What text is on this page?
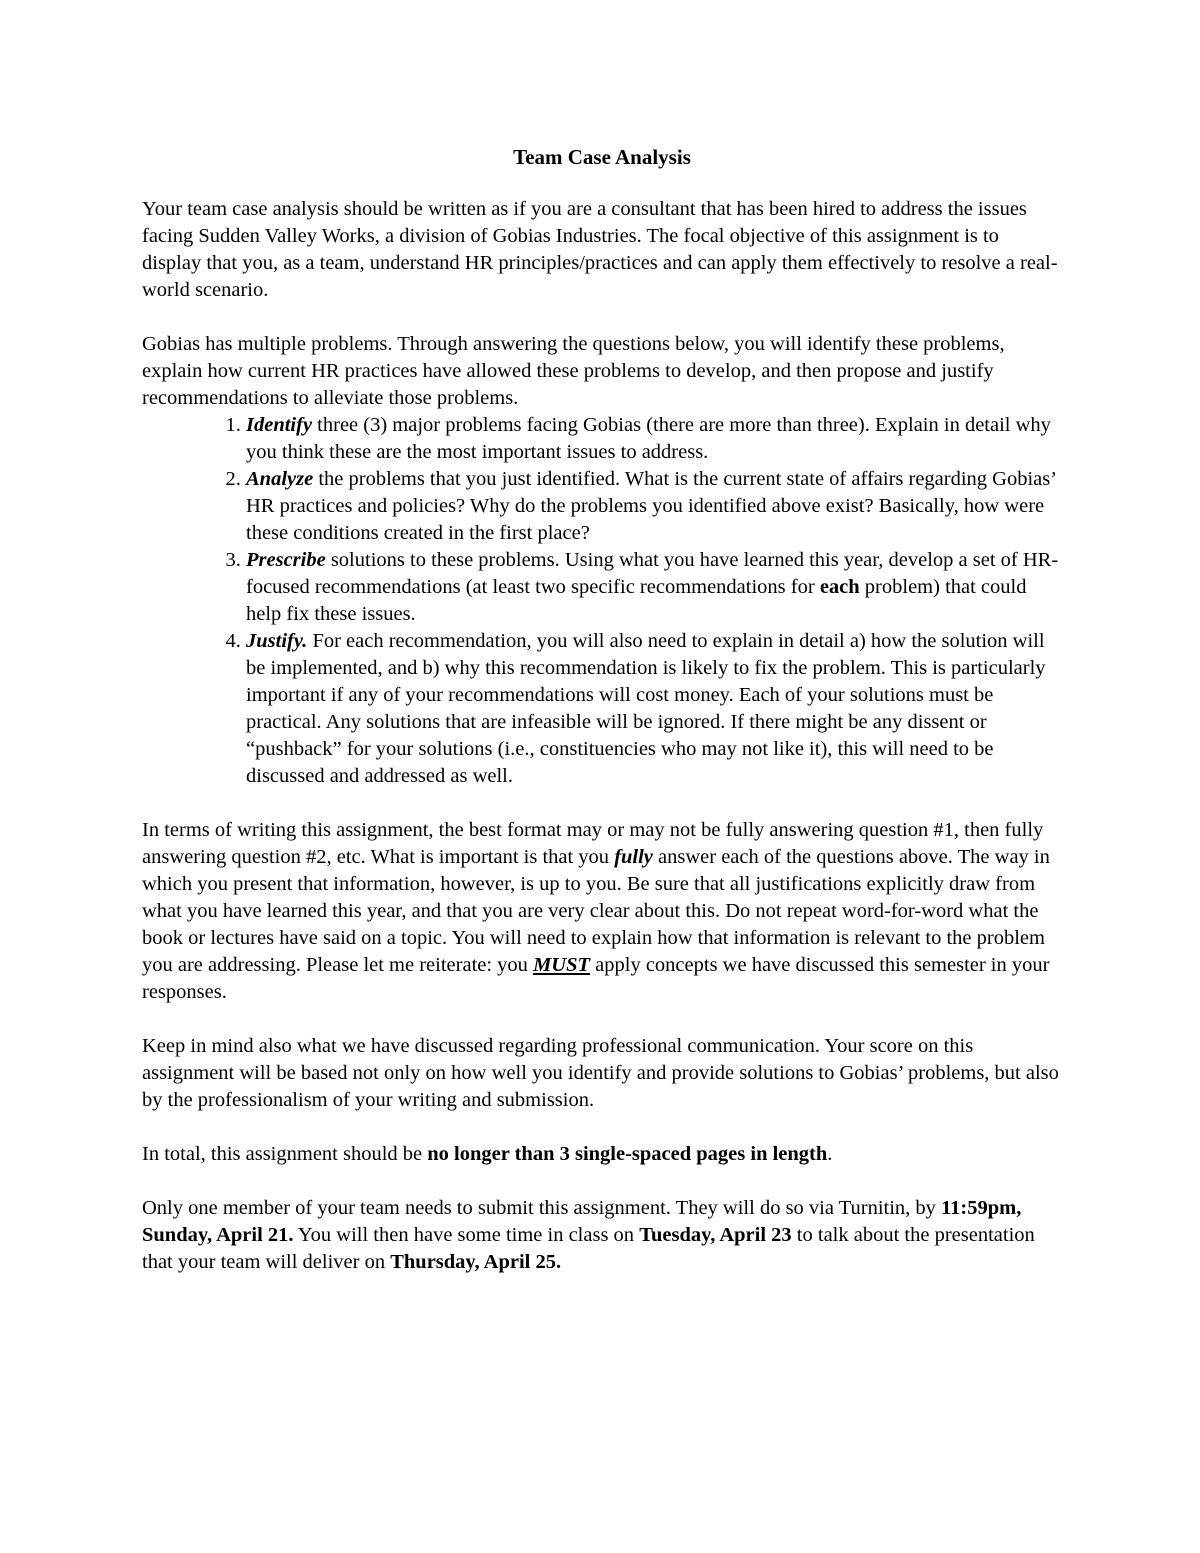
Team Case Analysis

Your team case analysis should be written as if you are a consultant that has been hired to address the issues facing Sudden Valley Works, a division of Gobias Industries. The focal objective of this assignment is to display that you, as a team, understand HR principles/practices and can apply them effectively to resolve a real-world scenario.

Gobias has multiple problems. Through answering the questions below, you will identify these problems, explain how current HR practices have allowed these problems to develop, and then propose and justify recommendations to alleviate those problems.

1. Identify three (3) major problems facing Gobias (there are more than three). Explain in detail why you think these are the most important issues to address.
2. Analyze the problems that you just identified. What is the current state of affairs regarding Gobias’ HR practices and policies? Why do the problems you identified above exist? Basically, how were these conditions created in the first place?
3. Prescribe solutions to these problems. Using what you have learned this year, develop a set of HR-focused recommendations (at least two specific recommendations for each problem) that could help fix these issues.
4. Justify. For each recommendation, you will also need to explain in detail a) how the solution will be implemented, and b) why this recommendation is likely to fix the problem. This is particularly important if any of your recommendations will cost money. Each of your solutions must be practical. Any solutions that are infeasible will be ignored. If there might be any dissent or “pushback” for your solutions (i.e., constituencies who may not like it), this will need to be discussed and addressed as well.

In terms of writing this assignment, the best format may or may not be fully answering question #1, then fully answering question #2, etc. What is important is that you fully answer each of the questions above. The way in which you present that information, however, is up to you. Be sure that all justifications explicitly draw from what you have learned this year, and that you are very clear about this. Do not repeat word-for-word what the book or lectures have said on a topic. You will need to explain how that information is relevant to the problem you are addressing. Please let me reiterate: you MUST apply concepts we have discussed this semester in your responses.

Keep in mind also what we have discussed regarding professional communication. Your score on this assignment will be based not only on how well you identify and provide solutions to Gobias’ problems, but also by the professionalism of your writing and submission.

In total, this assignment should be no longer than 3 single-spaced pages in length.

Only one member of your team needs to submit this assignment. They will do so via Turnitin, by 11:59pm, Sunday, April 21. You will then have some time in class on Tuesday, April 23 to talk about the presentation that your team will deliver on Thursday, April 25.
